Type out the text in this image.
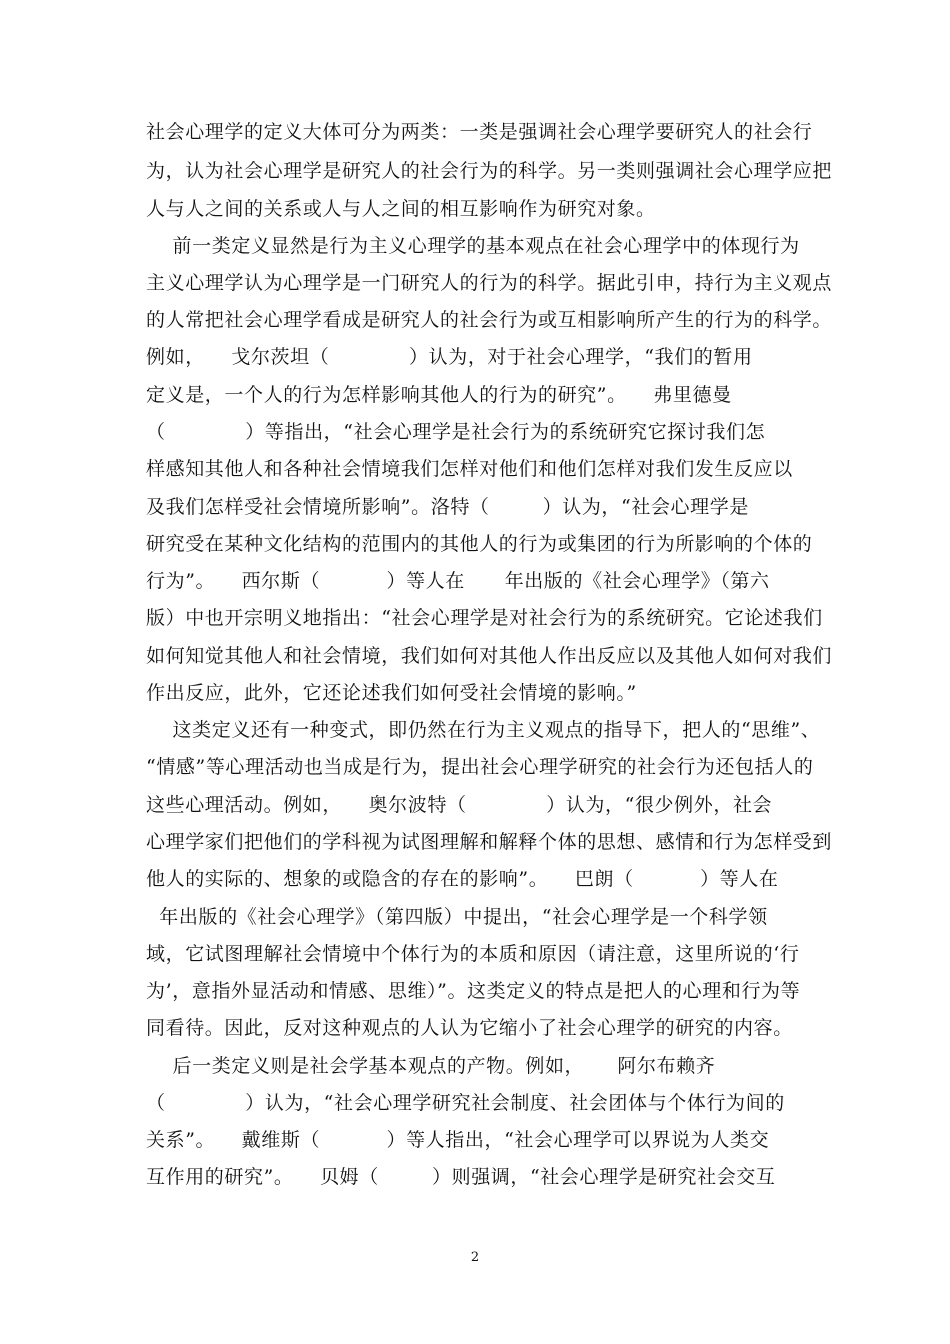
社会心理学的定义大体可分为两类：一类是强调社会心理学要研究人的社会行
为，认为社会心理学是研究人的社会行为的科学。另一类则强调社会心理学应把
人与人之间的关系或人与人之间的相互影响作为研究对象。
前一类定义显然是行为主义心理学的基本观点在社会心理学中的体现行为
主义心理学认为心理学是一门研究人的行为的科学。据此引申，持行为主义观点
的人常把社会心理学看成是研究人的社会行为或互相影响所产生的行为的科学。
例如，    戈尔茨坦（            ）认为，对于社会心理学，“我们的暂用
定义是，一个人的行为怎样影响其他人的行为的研究”。    弗里德曼
（            ）等指出，“社会心理学是社会行为的系统研究它探讨我们怎
样感知其他人和各种社会情境我们怎样对他们和他们怎样对我们发生反应以
及我们怎样受社会情境所影响”。洛特（        ）认为，“社会心理学是
研究受在某种文化结构的范围内的其他人的行为或集团的行为所影响的个体的
行为”。    西尔斯（          ）等人在      年出版的《社会心理学》（第六
版）中也开宗明义地指出：“社会心理学是对社会行为的系统研究。它论述我们
如何知觉其他人和社会情境，我们如何对其他人作出反应以及其他人如何对我们
作出反应，此外，它还论述我们如何受社会情境的影响。”
这类定义还有一种变式，即仍然在行为主义观点的指导下，把人的“思维”、
“情感”等心理活动也当成是行为，提出社会心理学研究的社会行为还包括人的
这些心理活动。例如，    奥尔波特（            ）认为，“很少例外，社会
心理学家们把他们的学科视为试图理解和解释个体的思想、感情和行为怎样受到
他人的实际的、想象的或隐含的存在的影响”。    巴朗（          ）等人在
年出版的《社会心理学》（第四版）中提出，“社会心理学是一个科学领
域，它试图理解社会情境中个体行为的本质和原因（请注意，这里所说的‘行
为’，意指外显活动和情感、思维）”。这类定义的特点是把人的心理和行为等
同看待。因此，反对这种观点的人认为它缩小了社会心理学的研究的内容。
后一类定义则是社会学基本观点的产物。例如，     阿尔布赖齐
（            ）认为，“社会心理学研究社会制度、社会团体与个体行为间的
关系”。    戴维斯（          ）等人指出，“社会心理学可以界说为人类交
互作用的研究”。    贝姆（        ）则强调，“社会心理学是研究社会交互
2
